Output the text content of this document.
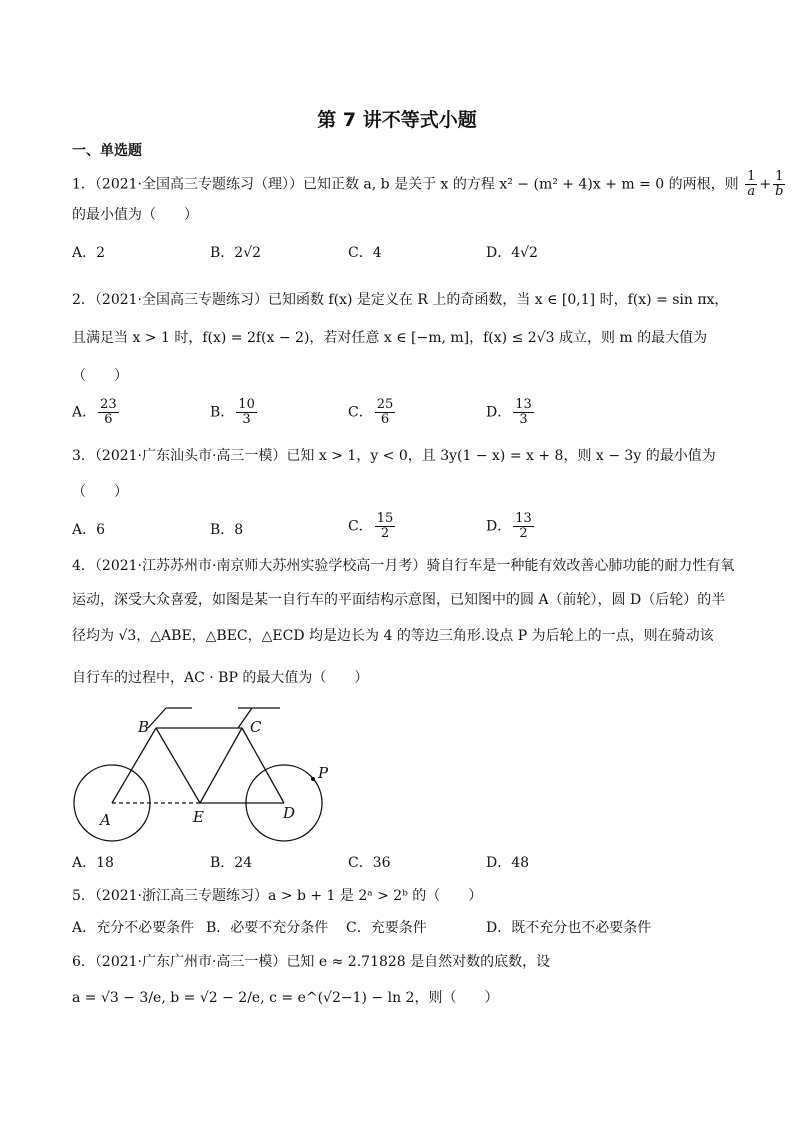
第 7 讲不等式小题
一、单选题
1．（2021·全国高三专题练习（理））已知正数 a, b 是关于 x 的方程 x² − (m² + 4)x + m = 0 的两根，则 $\frac{1}{a} + \frac{1}{b}$
的最小值为（　　）
A．2	B．2√2	C．4	D．4√2
2．（2021·全国高三专题练习）已知函数 f(x) 是定义在 R 上的奇函数，当 x ∈ [0,1] 时，f(x) = sin πx，
且满足当 x > 1 时，f(x) = 2f(x − 2)，若对任意 x ∈ [−m, m]，f(x) ≤ 2√3 成立，则 m 的最大值为
（　　）
A． $\frac{23}{6}$	B． $\frac{10}{3}$	C． $\frac{25}{6}$	D． $\frac{13}{3}$
3．（2021·广东汕头市·高三一模）已知 x > 1，y < 0，且 3y(1 − x) = x + 8，则 x − 3y 的最小值为
（　　）
A．6	B．8	C． $\frac{15}{2}$	D． $\frac{13}{2}$
4．（2021·江苏苏州市·南京师大苏州实验学校高一月考）骑自行车是一种能有效改善心肺功能的耐力性有氧
运动，深受大众喜爱，如图是某一自行车的平面结构示意图，已知图中的圆 A（前轮），圆 D（后轮）的半
径均为 √3，△ABE，△BEC，△ECD 均是边长为 4 的等边三角形.设点 P 为后轮上的一点，则在骑动该
自行车的过程中，AC · BP 的最大值为（　　）
A
B	C
D
E
P
A．18	B．24	C．36	D．48
5．（2021·浙江高三专题练习）a > b + 1 是 2ᵃ > 2ᵇ 的（　　）
A．充分不必要条件 B．必要不充分条件 C．充要条件	D．既不充分也不必要条件
6．（2021·广东广州市·高三一模）已知 e ≈ 2.71828 是自然对数的底数，设
a = √3 − 3/e, b = √2 − 2/e, c = e^(√2−1) − ln 2，则（　　）
